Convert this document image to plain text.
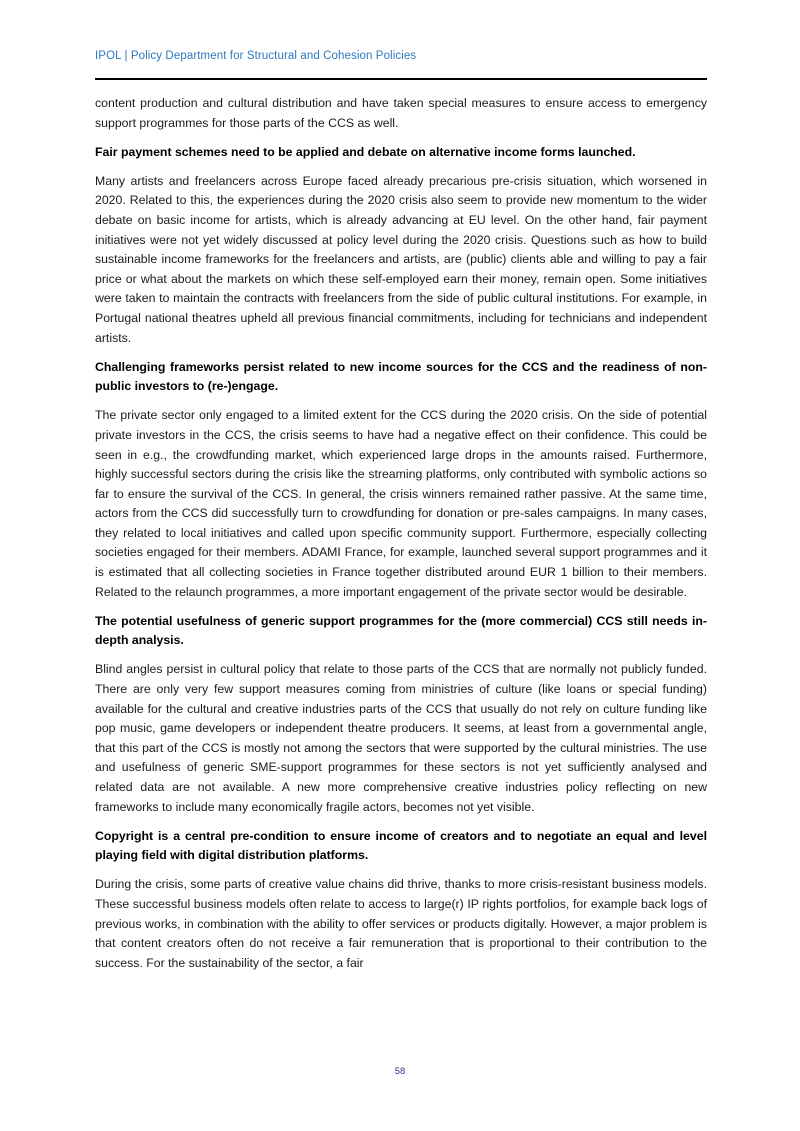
IPOL | Policy Department for Structural and Cohesion Policies

content production and cultural distribution and have taken special measures to ensure access to emergency support programmes for those parts of the CCS as well.

Fair payment schemes need to be applied and debate on alternative income forms launched.

Many artists and freelancers across Europe faced already precarious pre-crisis situation, which worsened in 2020. Related to this, the experiences during the 2020 crisis also seem to provide new momentum to the wider debate on basic income for artists, which is already advancing at EU level. On the other hand, fair payment initiatives were not yet widely discussed at policy level during the 2020 crisis. Questions such as how to build sustainable income frameworks for the freelancers and artists, are (public) clients able and willing to pay a fair price or what about the markets on which these self-employed earn their money, remain open. Some initiatives were taken to maintain the contracts with freelancers from the side of public cultural institutions. For example, in Portugal national theatres upheld all previous financial commitments, including for technicians and independent artists.

Challenging frameworks persist related to new income sources for the CCS and the readiness of non-public investors to (re-)engage.

The private sector only engaged to a limited extent for the CCS during the 2020 crisis. On the side of potential private investors in the CCS, the crisis seems to have had a negative effect on their confidence. This could be seen in e.g., the crowdfunding market, which experienced large drops in the amounts raised. Furthermore, highly successful sectors during the crisis like the streaming platforms, only contributed with symbolic actions so far to ensure the survival of the CCS. In general, the crisis winners remained rather passive. At the same time, actors from the CCS did successfully turn to crowdfunding for donation or pre-sales campaigns. In many cases, they related to local initiatives and called upon specific community support. Furthermore, especially collecting societies engaged for their members. ADAMI France, for example, launched several support programmes and it is estimated that all collecting societies in France together distributed around EUR 1 billion to their members. Related to the relaunch programmes, a more important engagement of the private sector would be desirable.

The potential usefulness of generic support programmes for the (more commercial) CCS still needs in-depth analysis.

Blind angles persist in cultural policy that relate to those parts of the CCS that are normally not publicly funded. There are only very few support measures coming from ministries of culture (like loans or special funding) available for the cultural and creative industries parts of the CCS that usually do not rely on culture funding like pop music, game developers or independent theatre producers. It seems, at least from a governmental angle, that this part of the CCS is mostly not among the sectors that were supported by the cultural ministries. The use and usefulness of generic SME-support programmes for these sectors is not yet sufficiently analysed and related data are not available. A new more comprehensive creative industries policy reflecting on new frameworks to include many economically fragile actors, becomes not yet visible.

Copyright is a central pre-condition to ensure income of creators and to negotiate an equal and level playing field with digital distribution platforms.

During the crisis, some parts of creative value chains did thrive, thanks to more crisis-resistant business models. These successful business models often relate to access to large(r) IP rights portfolios, for example back logs of previous works, in combination with the ability to offer services or products digitally. However, a major problem is that content creators often do not receive a fair remuneration that is proportional to their contribution to the success. For the sustainability of the sector, a fair

58
